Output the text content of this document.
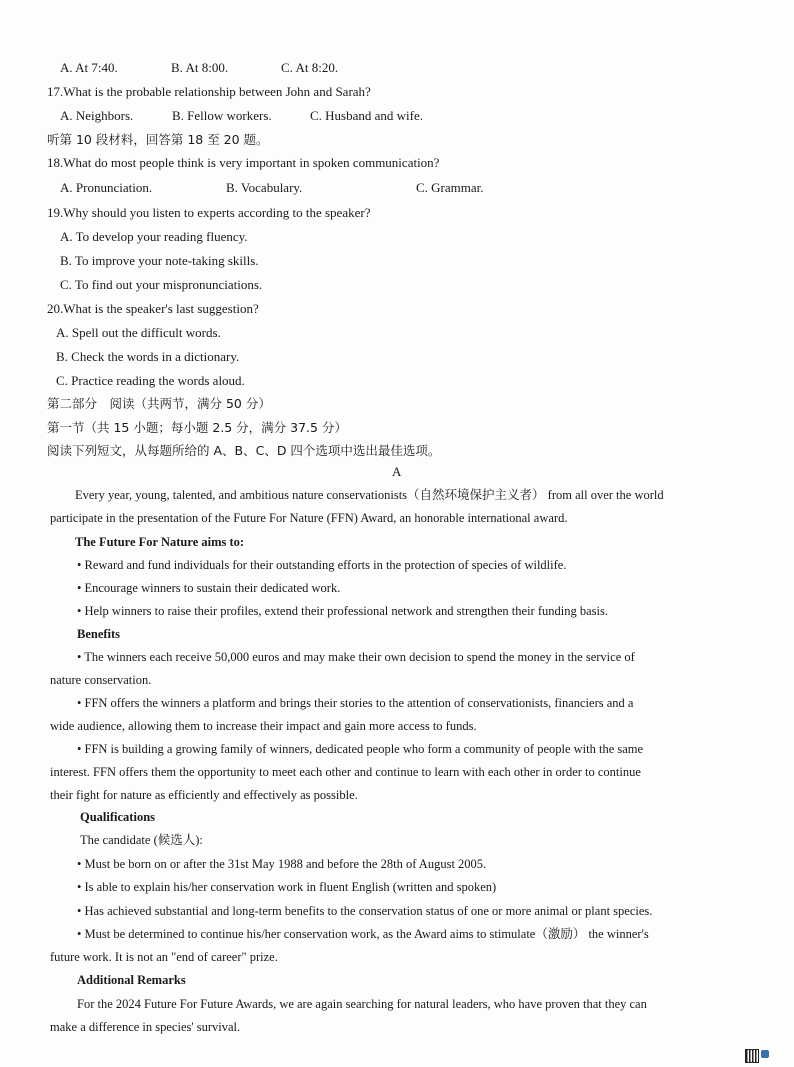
A. At 7:40.	B. At 8:00.	C. At 8:20.
17.What is the probable relationship between John and Sarah?
A. Neighbors.	B. Fellow workers.	C. Husband and wife.
听第 10 段材料，回答第 18 至 20 题。
18.What do most people think is very important in spoken communication?
A. Pronunciation.	B. Vocabulary.	C. Grammar.
19.Why should you listen to experts according to the speaker?
A. To develop your reading fluency.
B. To improve your note-taking skills.
C. To find out your mispronunciations.
20.What is the speaker's last suggestion?
A. Spell out the difficult words.
B. Check the words in a dictionary.
C. Practice reading the words aloud.
第二部分　阅读（共两节，满分 50 分）
第一节（共 15 小题；每小题 2.5 分，满分 37.5 分）
阅读下列短文，从每题所给的 A、B、C、D 四个选项中选出最佳选项。
A
Every year, young, talented, and ambitious nature conservationists（自然环境保护主义者） from all over the world
participate in the presentation of the Future For Nature (FFN) Award, an honorable international award.
The Future For Nature aims to:
• Reward and fund individuals for their outstanding efforts in the protection of species of wildlife.
• Encourage winners to sustain their dedicated work.
• Help winners to raise their profiles, extend their professional network and strengthen their funding basis.
Benefits
• The winners each receive 50,000 euros and may make their own decision to spend the money in the service of
nature conservation.
• FFN offers the winners a platform and brings their stories to the attention of conservationists, financiers and a
wide audience, allowing them to increase their impact and gain more access to funds.
• FFN is building a growing family of winners, dedicated people who form a community of people with the same
interest. FFN offers them the opportunity to meet each other and continue to learn with each other in order to continue
their fight for nature as efficiently and effectively as possible.
Qualifications
The candidate (候选人):
• Must be born on or after the 31st May 1988 and before the 28th of August 2005.
• Is able to explain his/her conservation work in fluent English (written and spoken)
• Has achieved substantial and long-term benefits to the conservation status of one or more animal or plant species.
• Must be determined to continue his/her conservation work, as the Award aims to stimulate（激励） the winner's
future work. It is not an "end of career" prize.
Additional Remarks
For the 2024 Future For Future Awards, we are again searching for natural leaders, who have proven that they can
make a difference in species' survival.
